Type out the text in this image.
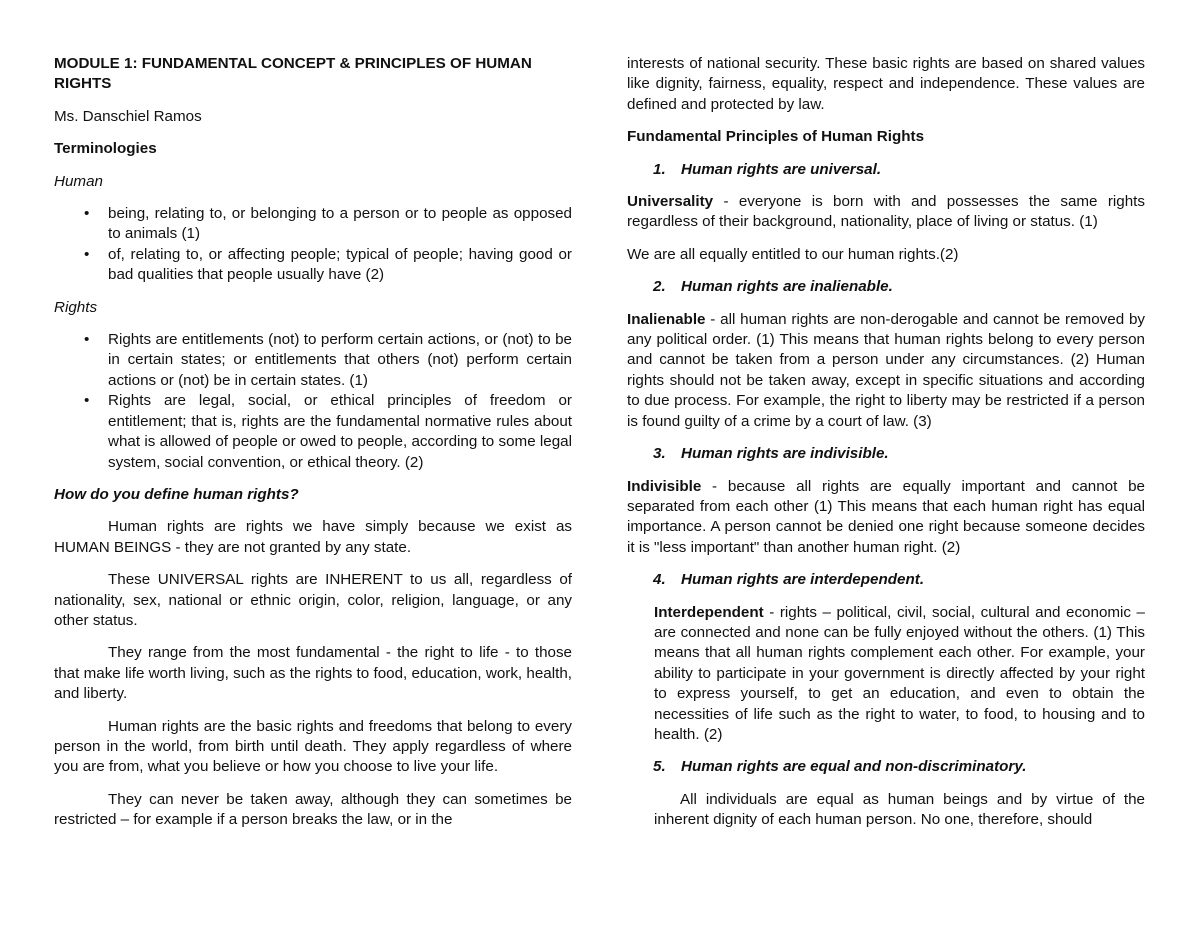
MODULE 1: FUNDAMENTAL CONCEPT & PRINCIPLES OF HUMAN RIGHTS

Ms. Danschiel Ramos

Terminologies

Human

• being, relating to, or belonging to a person or to people as opposed to animals (1)
• of, relating to, or affecting people; typical of people; having good or bad qualities that people usually have (2)

Rights

• Rights are entitlements (not) to perform certain actions, or (not) to be in certain states; or entitlements that others (not) perform certain actions or (not) be in certain states. (1)
• Rights are legal, social, or ethical principles of freedom or entitlement; that is, rights are the fundamental normative rules about what is allowed of people or owed to people, according to some legal system, social convention, or ethical theory. (2)

How do you define human rights?

Human rights are rights we have simply because we exist as HUMAN BEINGS - they are not granted by any state.

These UNIVERSAL rights are INHERENT to us all, regardless of nationality, sex, national or ethnic origin, color, religion, language, or any other status.

They range from the most fundamental - the right to life - to those that make life worth living, such as the rights to food, education, work, health, and liberty.

Human rights are the basic rights and freedoms that belong to every person in the world, from birth until death. They apply regardless of where you are from, what you believe or how you choose to live your life.

They can never be taken away, although they can sometimes be restricted – for example if a person breaks the law, or in the

interests of national security. These basic rights are based on shared values like dignity, fairness, equality, respect and independence. These values are defined and protected by law.

Fundamental Principles of Human Rights

1. Human rights are universal.

Universality - everyone is born with and possesses the same rights regardless of their background, nationality, place of living or status. (1)

We are all equally entitled to our human rights.(2)

2. Human rights are inalienable.

Inalienable - all human rights are non-derogable and cannot be removed by any political order. (1) This means that human rights belong to every person and cannot be taken from a person under any circumstances. (2) Human rights should not be taken away, except in specific situations and according to due process. For example, the right to liberty may be restricted if a person is found guilty of a crime by a court of law. (3)

3. Human rights are indivisible.

Indivisible - because all rights are equally important and cannot be separated from each other (1) This means that each human right has equal importance. A person cannot be denied one right because someone decides it is "less important" than another human right. (2)

4. Human rights are interdependent.

Interdependent - rights – political, civil, social, cultural and economic – are connected and none can be fully enjoyed without the others. (1) This means that all human rights complement each other. For example, your ability to participate in your government is directly affected by your right to express yourself, to get an education, and even to obtain the necessities of life such as the right to water, to food, to housing and to health. (2)

5. Human rights are equal and non-discriminatory.

All individuals are equal as human beings and by virtue of the inherent dignity of each human person. No one, therefore, should
